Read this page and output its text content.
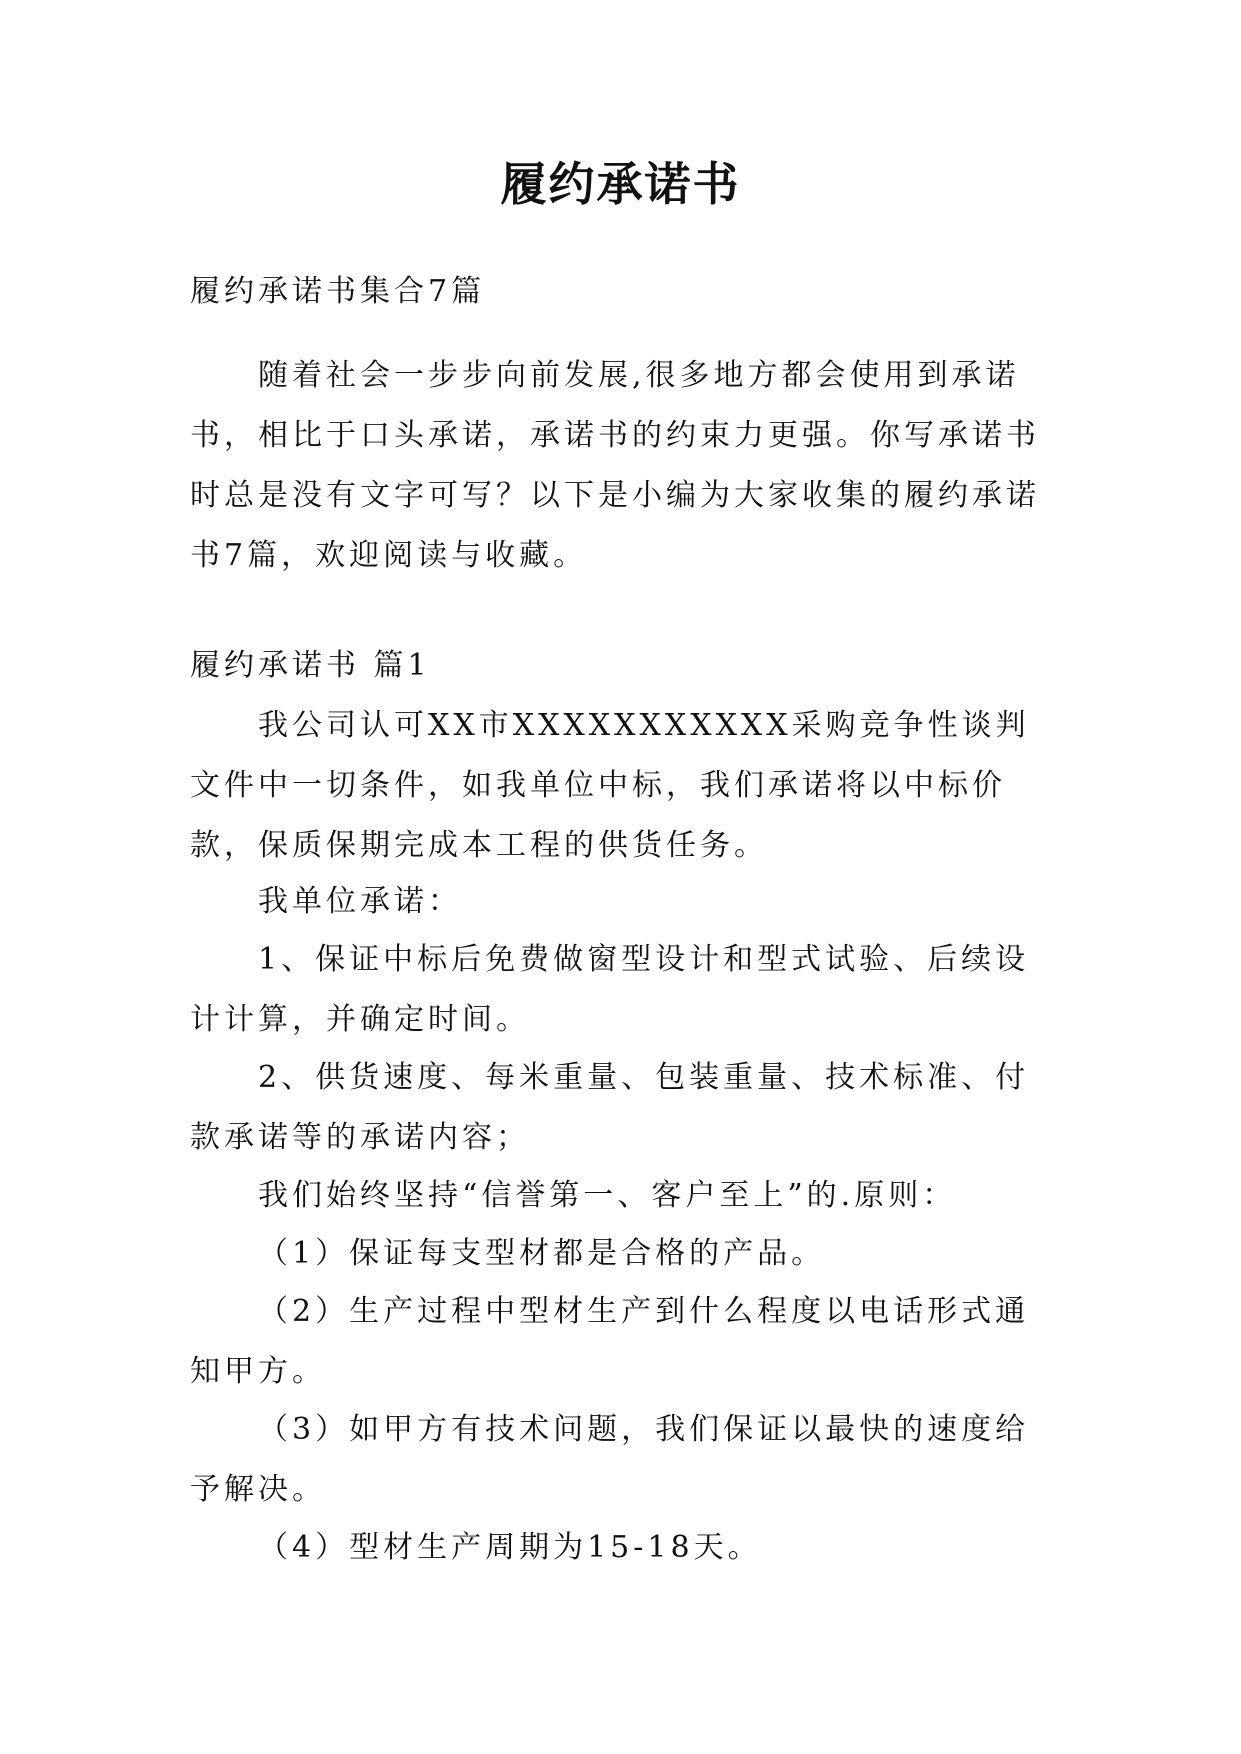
履约承诺书

履约承诺书集合7篇

随着社会一步步向前发展,很多地方都会使用到承诺书，相比于口头承诺，承诺书的约束力更强。你写承诺书时总是没有文字可写？以下是小编为大家收集的履约承诺书7篇，欢迎阅读与收藏。

履约承诺书 篇1

我公司认可XX市XXXXXXXXXXX采购竞争性谈判文件中一切条件，如我单位中标，我们承诺将以中标价款，保质保期完成本工程的供货任务。

我单位承诺：

1、保证中标后免费做窗型设计和型式试验、后续设计计算，并确定时间。

2、供货速度、每米重量、包装重量、技术标准、付款承诺等的承诺内容；

我们始终坚持“信誉第一、客户至上”的.原则：

（1）保证每支型材都是合格的产品。

（2）生产过程中型材生产到什么程度以电话形式通知甲方。

（3）如甲方有技术问题，我们保证以最快的速度给予解决。

（4）型材生产周期为15-18天。
